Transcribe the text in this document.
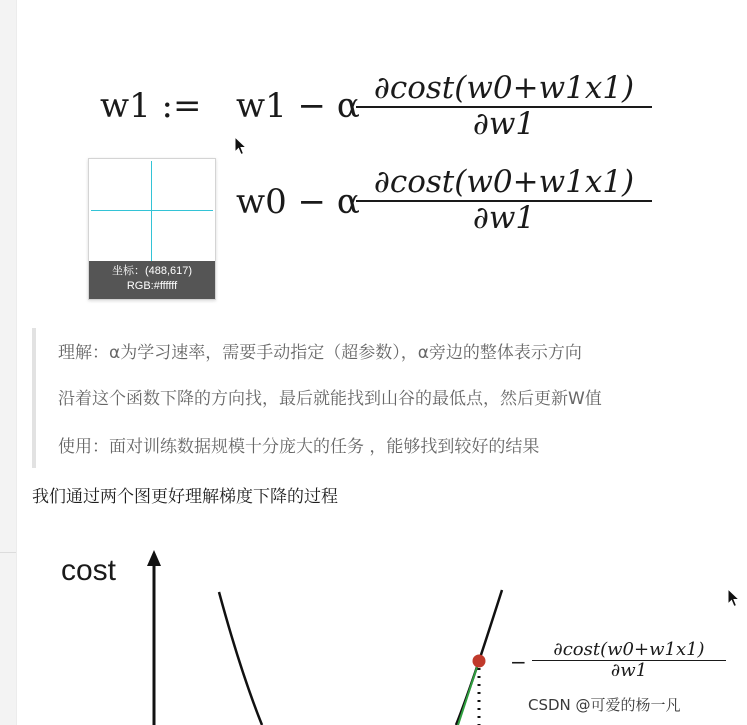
w1 := w1 − α
$\frac{\partial\cos t(w0+w1x1)}{\partial w1}$
w0 − α
$\frac{\partial\cos t(w0+w1x1)}{\partial w1}$
坐标：(488,617)
RGB:#ffffff
理解：α为学习速率，需要手动指定（超参数），α旁边的整体表示方向
沿着这个函数下降的方向找，最后就能找到山谷的最低点，然后更新W值
使用：面对训练数据规模十分庞大的任务 ，能够找到较好的结果
我们通过两个图更好理解梯度下降的过程
cost
− $\frac{\partial\cos t(w0+w1x1)}{\partial w1}$
CSDN @可爱的杨一凡
